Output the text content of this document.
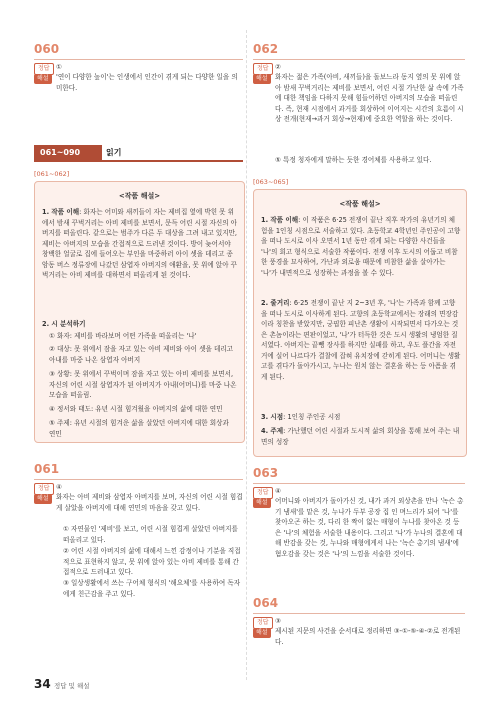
060
정답 ①
해설	'연이 다양한 높이'는 인생에서 인간이 겪게 되는 다양한 일을 의미한다.
061~090	읽기
[061~062]
<작품 해설>
1. 작품 이해: 화자는 어미와 새끼들이 자는 제비집 옆에 박힌 못 위에서 밤새 꾸벅거리는 아비 제비를 보면서, 문득 어린 시절 자신의 아버지를 떠올린다. 같으로는 범주가 다른 두 대상을 그려 내고 있지만, 제비는 아버지의 모습을 간접적으로 드러낸 것이다. 방이 늦어서야 창백한 얼굴로 집에 들어오는 부인을 마중하러 아이 셋을 데리고 종암동 버스 정류장에 나갔던 삼엽자 아버지의 애환을, 못 위에 앉아 꾸벅거리는 아비 제비를 대하면서 떠올리게 된 것이다.
2. 시 분석하기
① 화자: 제비를 바라보며 어떤 가족을 떠올리는 '나'
② 대상: 못 위에서 잠을 자고 있는 아비 제비와 아이 셋을 데리고 아내를 마중 나온 삼엽자 아버지
③ 상황: 못 위에서 꾸벅이며 잠을 자고 있는 아비 제비를 보면서, 자신의 어린 시절 삼엽자가 된 아버지가 아내(어머니)를 마중 나온 모습을 떠올림.
④ 정서와 태도: 유년 시절 힘겨웠을 아버지의 삶에 대한 연민
⑤ 주제: 유년 시절의 힘겨운 삶을 살았던 아버지에 대한 회상과 연민
061
정답 ④
해설	화자는 아비 제비와 삼엽자 아버지를 보며, 자신의 어린 시절 힘겹게 살았을 아버지에 대해 연민의 마음을 갖고 있다.
① 자연물인 '제비'를 보고, 어린 시절 힘겹게 살았던 아버지를 떠올리고 있다.
② 어린 시절 아버지의 삶에 대해서 느낀 감정이나 기분을 직접적으로 표현하지 않고, 못 위에 앉아 있는 아비 제비를 통해 간접적으로 드러내고 있다.
③ 일상생활에서 쓰는 구어체 형식의 '해요체'를 사용하여 독자에게 친근감을 주고 있다.
34 정답 및 해설
062
정답 ②
해설	화자는 젊은 가족(아비, 새끼들)을 돌보느라 동지 옆의 못 위에 앉아 밤새 꾸벅거리는 제비를 보면서, 어린 시절 가난한 삶 속에 가족에 대한 책임을 다하지 못해 힘들어하던 아버지의 모습을 떠올린다. 즉, 현재 시점에서 과거를 회상하여 이어지는 시간의 흐름이 시상 전개(현재→과거 회상→현재)에 중요한 역할을 하는 것이다.
⑤ 특정 청자에게 말하는 듯한 경어체를 사용하고 있다.
[063~065]
<작품 해설>
1. 작품 이해: 이 작품은 6·25 전쟁이 끝난 직후 작가의 유년기의 체험을 1인칭 시점으로 서술하고 있다. 초등학교 4학년인 주인공이 고향을 떠나 도시로 이사 오면서 1년 동안 겪게 되는 다양한 사건들을 '나'의 회고 형식으로 서술한 작품이다. 전쟁 이후 도시의 어둡고 비참한 풍경을 묘사하여, 가난과 외로움 때문에 비참한 삶을 살아가는 '나'가 내면적으로 성장하는 과정을 볼 수 있다.
2. 줄거리: 6·25 전쟁이 끝난 지 2~3년 후, '나'는 가족과 함께 고향을 떠나 도시로 이사하게 된다. 고향의 초등학교에서는 장래의 면장감이라 칭찬을 받았지만, 궁핍한 피난촌 생활이 시작되면서 다가오는 것은 촌놈이라는 편판이었고, '나'가 터득한 것은 도시 생활의 냉엄한 질서였다. 아버지는 끝뺑 장사를 하지만 실패를 하고, 우도 플간을 자전거에 실어 나르다가 결찰에 잡혀 유치장에 갇히게 된다. 어머니는 생활고를 겪다가 돌아가시고, 누나는 원치 않는 결혼을 하는 등 아픔을 겪게 된다.
3. 시점: 1인칭 주인공 시점
4. 주제: 가난했던 어린 시절과 도시적 삶의 회상을 통해 보여 주는 내면의 성장
063
정답 ④
해설	어머니와 아버지가 돌아가신 것, 내가 과거 외상촌을 만나 '녹슨 총기 냄새'를 맡은 것, 누나가 두부 공장 집 인 며느리가 되어 '나'를 찾아오곤 하는 것, 다리 한 짝이 없는 매형이 누나를 찾아온 것 등은 '나'의 체험을 서술한 내용이다. 그리고 '나'가 누나의 결혼에 대해 반감을 갖는 것, 누나와 매형에게서 나는 '녹슨 총기의 냄새'에 혐오감을 갖는 것은 '나'의 느낌을 서술한 것이다.
064
정답 ③
해설	제시된 지문의 사건을 순서대로 정리하면 ③-①-⑤-④-②로 전개된다.
